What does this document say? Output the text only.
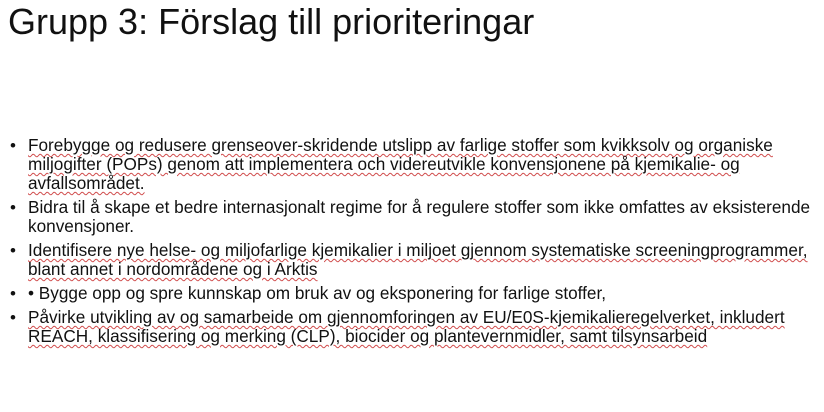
Grupp 3: Förslag till prioriteringar
• Forebygge og redusere grenseover-skridende utslipp av farlige stoffer som kvikksolv og organiske miljogifter (POPs) genom att implementera och videreutvikle konvensjonene på kjemikalie- og avfallsområdet.
• Bidra til å skape et bedre internasjonalt regime for å regulere stoffer som ikke omfattes av eksisterende konvensjoner.
• Identifisere nye helse- og miljofarlige kjemikalier i miljoet gjennom systematiske screeningprogrammer, blant annet i nordområdene og i Arktis
• • Bygge opp og spre kunnskap om bruk av og eksponering for farlige stoffer,
• Påvirke utvikling av og samarbeide om gjennomforingen av EU/E0S-kjemikalieregelverket, inkludert REACH, klassifisering og merking (CLP), biocider og plantevernmidler, samt tilsynsarbeid
